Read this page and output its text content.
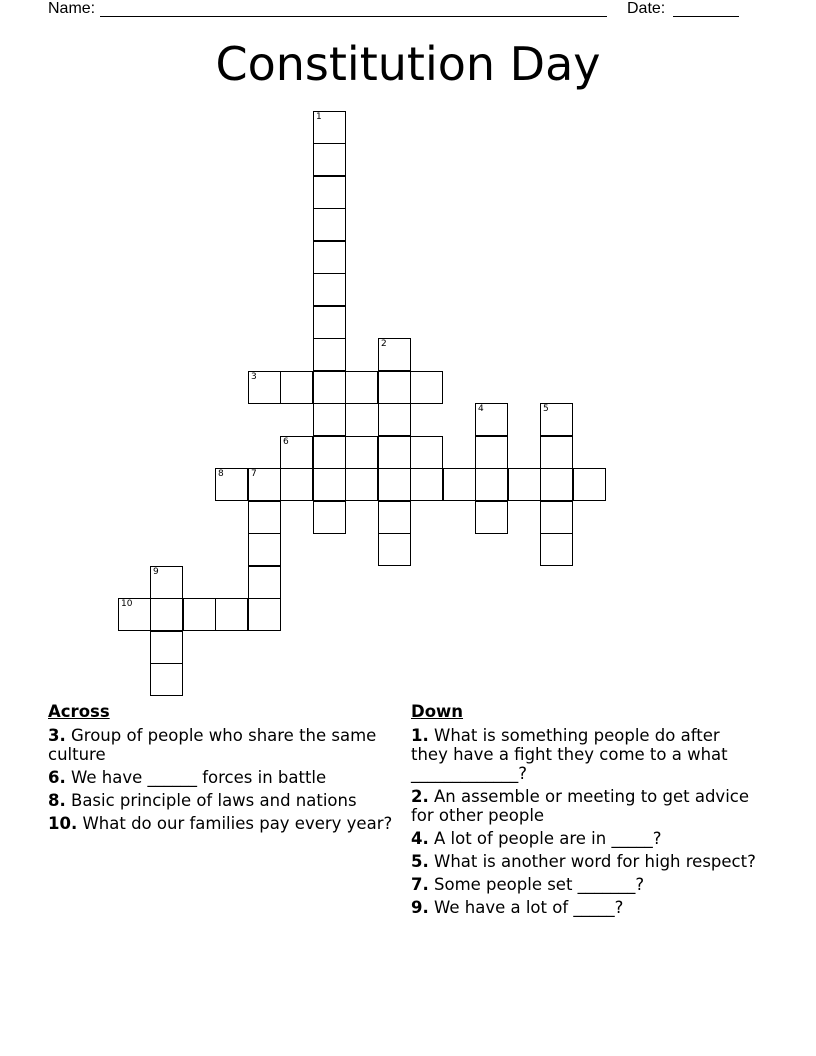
Name:	Date:
Constitution Day
1
2
3
6
8	7
10
9
4	5
Across
3. Group of people who share the same culture
6. We have ______ forces in battle
8. Basic principle of laws and nations
10. What do our families pay every year?
Down
1. What is something people do after they have a fight they come to a what _____________?
2. An assemble or meeting to get advice for other people
4. A lot of people are in _____?
5. What is another word for high respect?
7. Some people set _______?
9. We have a lot of _____?
